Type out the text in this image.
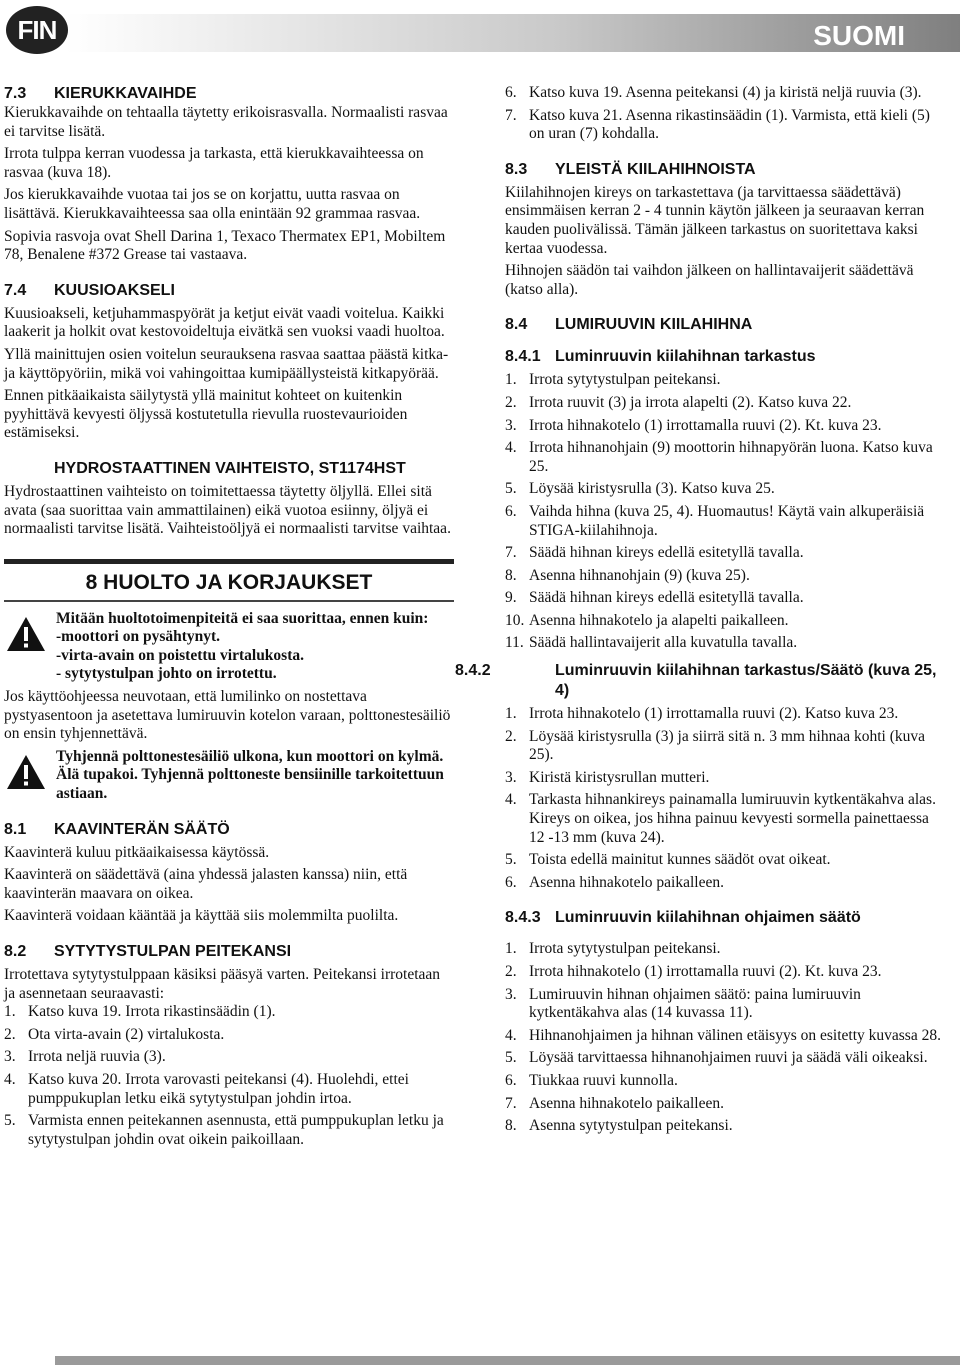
FIN	SUOMI
7.3 KIERUKKAVAIHDE

Kierukkavaihde on tehtaalla täytetty erikoisrasvalla. Normaalisti rasvaa ei tarvitse lisätä.

Irrota tulppa kerran vuodessa ja tarkasta, että kierukkavaihteessa on rasvaa (kuva 18).

Jos kierukkavaihde vuotaa tai jos se on korjattu, uutta rasvaa on lisättävä. Kierukkavaihteessa saa olla enintään 92 grammaa rasvaa.

Sopivia rasvoja ovat Shell Darina 1, Texaco Thermatex EP1, Mobiltem 78, Benalene #372 Grease tai vastaava.

7.4 KUUSIOAKSELI

Kuusioakseli, ketjuhammaspyörät ja ketjut eivät vaadi voitelua. Kaikki laakerit ja holkit ovat kestovoideltuja eivätkä sen vuoksi vaadi huoltoa.

Yllä mainittujen osien voitelun seurauksena rasvaa saattaa päästä kitka- ja käyttöpyöriin, mikä voi vahingoittaa kumipäällysteistä kitkapyörää.

Ennen pitkäaikaista säilytystä yllä mainitut kohteet on kuitenkin pyyhittävä kevyesti öljyssä kostutetulla rievulla ruostevaurioiden estämiseksi.

HYDROSTAATTINEN VAIHTEISTO, ST1174HST

Hydrostaattinen vaihteisto on toimitettaessa täytetty öljyllä. Ellei sitä avata (saa suorittaa vain ammattilainen) eikä vuotoa esiinny, öljyä ei normaalisti tarvitse lisätä. Vaihteistoöljyä ei normaalisti tarvitse vaihtaa.

8 HUOLTO JA KORJAUKSET

Mitään huoltotoimenpiteitä ei saa suorittaa, ennen kuin:

-moottori on pysähtynyt.

-virta-avain on poistettu virtalukosta.

- sytytystulpan johto on irrotettu.

Jos käyttöohjeessa neuvotaan, että lumilinko on nostettava pystyasentoon ja asetettava lumiruuvin kotelon varaan, polttonestesäiliö on ensin tyhjennettävä.

Tyhjennä polttonestesäiliö ulkona, kun moottori on kylmä. Älä tupakoi. Tyhjennä polttoneste bensiinille tarkoitettuun astiaan.

8.1 KAAVINTERÄN SÄÄTÖ

Kaavinterä kuluu pitkäaikaisessa käytössä.

Kaavinterä on säädettävä (aina yhdessä jalasten kanssa) niin, että kaavinterän maavara on oikea.

Kaavinterä voidaan kääntää ja käyttää siis molemmilta puolilta.

8.2 SYTYTYSTULPAN PEITEKANSI

Irrotettava sytytystulppaan käsiksi pääsyä varten. Peitekansi irrotetaan ja asennetaan seuraavasti:

1. Katso kuva 19. Irrota rikastinsäädin (1).
2. Ota virta-avain (2) virtalukosta.
3. Irrota neljä ruuvia (3).
4. Katso kuva 20. Irrota varovasti peitekansi (4). Huolehdi, ettei pumppukuplan letku eikä sytytystulpan johdin irtoa.
5. Varmista ennen peitekannen asennusta, että pumppukuplan letku ja sytytystulpan johdin ovat oikein paikoillaan.
6. Katso kuva 19. Asenna peitekansi (4) ja kiristä neljä ruuvia (3).
7. Katso kuva 21. Asenna rikastinsäädin (1). Varmista, että kieli (5) on uran (7) kohdalla.
8.3 YLEISTÄ KIILAHIHNOISTA

Kiilahihnojen kireys on tarkastettava (ja tarvittaessa säädettävä) ensimmäisen kerran 2 - 4 tunnin käytön jälkeen ja seuraavan kerran kauden puolivälissä. Tämän jälkeen tarkastus on suoritettava kaksi kertaa vuodessa.

Hihnojen säädön tai vaihdon jälkeen on hallintavaijerit säädettävä (katso alla).

8.4 LUMIRUUVIN KIILAHIHNA
8.4.1 Luminruuvin kiilahihnan tarkastus
1. Irrota sytytystulpan peitekansi.
2. Irrota ruuvit (3) ja irrota alapelti (2). Katso kuva 22.
3. Irrota hihnakotelo (1) irrottamalla ruuvi (2). Kt. kuva 23.
4. Irrota hihnanohjain (9) moottorin hihnapyörän luona. Katso kuva 25.
5. Löysää kiristysrulla (3). Katso kuva 25.
6. Vaihda hihna (kuva 25, 4). Huomautus! Käytä vain alkuperäisiä STIGA-kiilahihnoja.
7. Säädä hihnan kireys edellä esitetyllä tavalla.
8. Asenna hihnanohjain (9) (kuva 25).
9. Säädä hihnan kireys edellä esitetyllä tavalla.
10. Asenna hihnakotelo ja alapelti paikalleen.
11. Säädä hallintavaijerit alla kuvatulla tavalla.
8.4.2	Luminruuvin kiilahihnan tarkastus/Säätö (kuva 25, 4)
1. Irrota hihnakotelo (1) irrottamalla ruuvi (2). Katso kuva 23.
2. Löysää kiristysrulla (3) ja siirrä sitä n. 3 mm hihnaa kohti (kuva 25).
3. Kiristä kiristysrullan mutteri.
4. Tarkasta hihnankireys painamalla lumiruuvin kytkentäkahva alas. Kireys on oikea, jos hihna painuu kevyesti sormella painettaessa 12 -13 mm (kuva 24).
5. Toista edellä mainitut kunnes säädöt ovat oikeat.
6. Asenna hihnakotelo paikalleen.
8.4.3 Luminruuvin kiilahihnan ohjaimen säätö
1. Irrota sytytystulpan peitekansi.
2. Irrota hihnakotelo (1) irrottamalla ruuvi (2). Kt. kuva 23.
3. Lumiruuvin hihnan ohjaimen säätö: paina lumiruuvin kytkentäkahva alas (14 kuvassa 11).
4. Hihnanohjaimen ja hihnan välinen etäisyys on esitetty kuvassa 28.
5. Löysää tarvittaessa hihnanohjaimen ruuvi ja säädä väli oikeaksi.
6. Tiukkaa ruuvi kunnolla.
7. Asenna hihnakotelo paikalleen.
8. Asenna sytytystulpan peitekansi.
